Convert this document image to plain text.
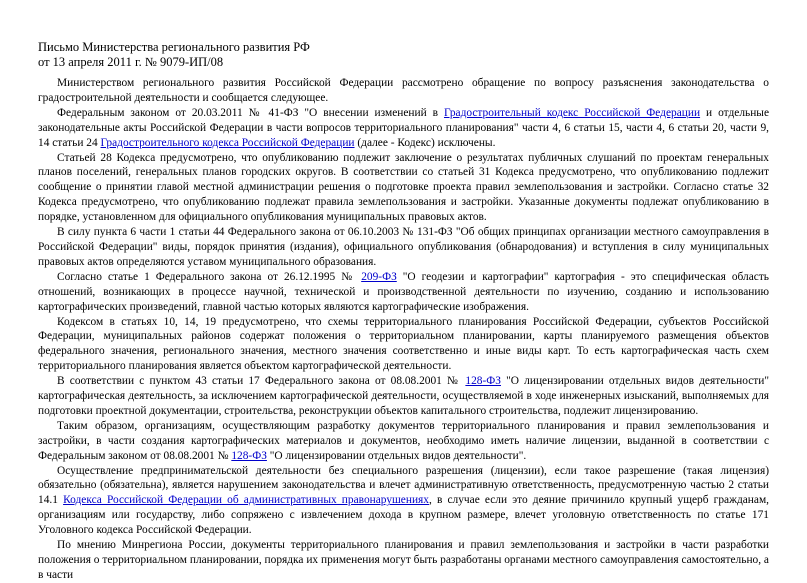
Письмо Министерства регионального развития РФ
от 13 апреля 2011 г. № 9079-ИП/08

Министерством регионального развития Российской Федерации рассмотрено обращение по вопросу разъяснения законодательства о градостроительной деятельности и сообщается следующее.

Федеральным законом от 20.03.2011 № 41-ФЗ "О внесении изменений в Градостроительный кодекс Российской Федерации и отдельные законодательные акты Российской Федерации в части вопросов территориального планирования" части 4, 6 статьи 15, части 4, 6 статьи 20, части 9, 14 статьи 24 Градостроительного кодекса Российской Федерации (далее - Кодекс) исключены.

Статьей 28 Кодекса предусмотрено, что опубликованию подлежит заключение о результатах публичных слушаний по проектам генеральных планов поселений, генеральных планов городских округов. В соответствии со статьей 31 Кодекса предусмотрено, что опубликованию подлежит сообщение о принятии главой местной администрации решения о подготовке проекта правил землепользования и застройки. Согласно статье 32 Кодекса предусмотрено, что опубликованию подлежат правила землепользования и застройки. Указанные документы подлежат опубликованию в порядке, установленном для официального опубликования муниципальных правовых актов.

В силу пункта 6 части 1 статьи 44 Федерального закона от 06.10.2003 № 131-ФЗ "Об общих принципах организации местного самоуправления в Российской Федерации" виды, порядок принятия (издания), официального опубликования (обнародования) и вступления в силу муниципальных правовых актов определяются уставом муниципального образования.

Согласно статье 1 Федерального закона от 26.12.1995 № 209-ФЗ "О геодезии и картографии" картография - это специфическая область отношений, возникающих в процессе научной, технической и производственной деятельности по изучению, созданию и использованию картографических произведений, главной частью которых являются картографические изображения.

Кодексом в статьях 10, 14, 19 предусмотрено, что схемы территориального планирования Российской Федерации, субъектов Российской Федерации, муниципальных районов содержат положения о территориальном планировании, карты планируемого размещения объектов федерального значения, регионального значения, местного значения соответственно и иные виды карт. То есть картографическая часть схем территориального планирования является объектом картографической деятельности.

В соответствии с пунктом 43 статьи 17 Федерального закона от 08.08.2001 № 128-ФЗ "О лицензировании отдельных видов деятельности" картографическая деятельность, за исключением картографической деятельности, осуществляемой в ходе инженерных изысканий, выполняемых для подготовки проектной документации, строительства, реконструкции объектов капитального строительства, подлежит лицензированию.

Таким образом, организациям, осуществляющим разработку документов территориального планирования и правил землепользования и застройки, в части создания картографических материалов и документов, необходимо иметь наличие лицензии, выданной в соответствии с Федеральным законом от 08.08.2001 № 128-ФЗ "О лицензировании отдельных видов деятельности".

Осуществление предпринимательской деятельности без специального разрешения (лицензии), если такое разрешение (такая лицензия) обязательно (обязательна), является нарушением законодательства и влечет административную ответственность, предусмотренную частью 2 статьи 14.1 Кодекса Российской Федерации об административных правонарушениях, в случае если это деяние причинило крупный ущерб гражданам, организациям или государству, либо сопряжено с извлечением дохода в крупном размере, влечет уголовную ответственность по статье 171 Уголовного кодекса Российской Федерации.

По мнению Минрегиона России, документы территориального планирования и правил землепользования и застройки в части разработки положения о территориальном планировании, порядка их применения могут быть разработаны органами местного самоуправления самостоятельно, а в части
